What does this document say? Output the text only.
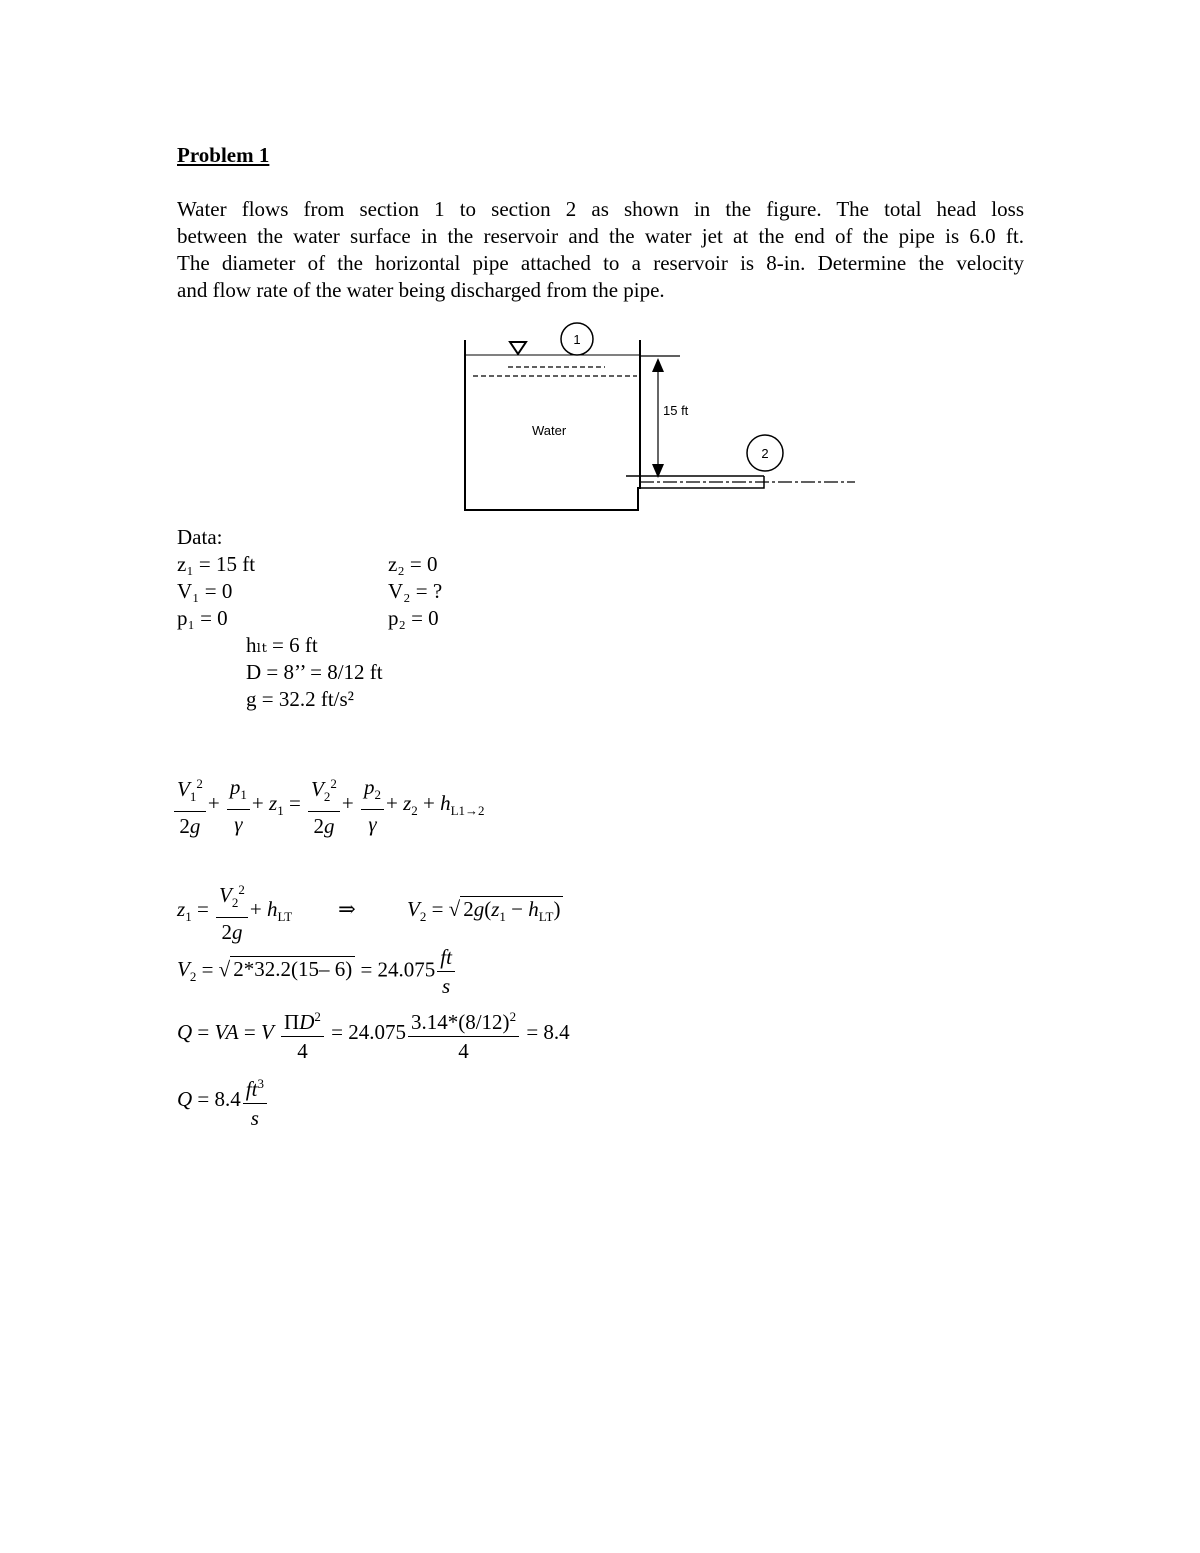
Problem 1
Water flows from section 1 to section 2 as shown in the figure. The total head loss
between the water surface in the reservoir and the water jet at the end of the pipe is 6.0 ft.
The diameter of the horizontal pipe attached to a reservoir is 8-in. Determine the velocity
and flow rate of the water being discharged from the pipe.
Water
15 ft
1
2
Data:
z₁ = 15 ft	z₂ = 0
V₁ = 0	V₂ = ?
p₁ = 0	p₂ = 0
hₗₜ = 6 ft
D = 8’’ = 8/12 ft
g = 32.2 ft/s²
$\frac{V_1^2}{2g} + \frac{p_1}{\gamma} + z_1 = \frac{V_2^2}{2g} + \frac{p_2}{\gamma} + z_2 + h_{L1\to 2}$
$z_1 = \frac{V_2^2}{2g} + h_{LT}$ ⇒ $V_2$ = √ $2g(z_1 - h_{LT})$
$V_2$ = √ 2*32.2(15– $6) = 24.075 \frac{ft}{s}$
Q = VA = V $\frac{\Pi D^2}{4} = 24.075 \frac{3.14*(8/12)^2}{4} = 8.4$
$Q = 8.4 \frac{ft^3}{s}$
